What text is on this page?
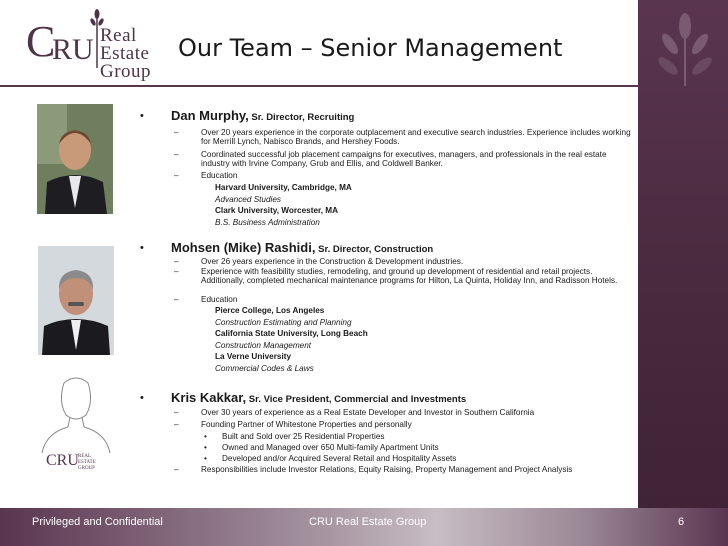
C
RU Real
Estate
Group
Our Team – Senior Management
CRU REAL
ESTATE
GROUP
• Dan Murphy, Sr. Director, Recruiting
–	Over 20 years experience in the corporate outplacement and executive search industries. Experience includes working for Merrill Lynch, Nabisco Brands, and Hershey Foods.
–	Coordinated successful job placement campaigns for executives, managers, and professionals in the real estate industry with Irvine Company, Grub and Ellis, and Coldwell Banker.
–	Education
Harvard University, Cambridge, MA
Advanced Studies
Clark University, Worcester, MA
B.S. Business Administration
• Mohsen (Mike) Rashidi, Sr. Director, Construction
–	Over 26 years experience in the Construction & Development industries.
–	Experience with feasibility studies, remodeling, and ground up development of residential and retail projects. Additionally, completed mechanical maintenance programs for Hilton, La Quinta, Holiday Inn, and Radisson Hotels.
–	Education
Pierce College, Los Angeles
Construction Estimating and Planning
California State University, Long Beach
Construction Management
La Verne University
Commercial Codes & Laws
• Kris Kakkar, Sr. Vice President, Commercial and Investments
–	Over 30 years of experience as a Real Estate Developer and Investor in Southern California
–	Founding Partner of Whitestone Properties and personally
• Built and Sold over 25 Residential Properties
• Owned and Managed over 650 Multi-family Apartment Units
• Developed and/or Acquired Several Retail and Hospitality Assets
–	Responsibilities include Investor Relations, Equity Raising, Property Management and Project Analysis
Privileged and Confidential	CRU Real Estate Group	6
